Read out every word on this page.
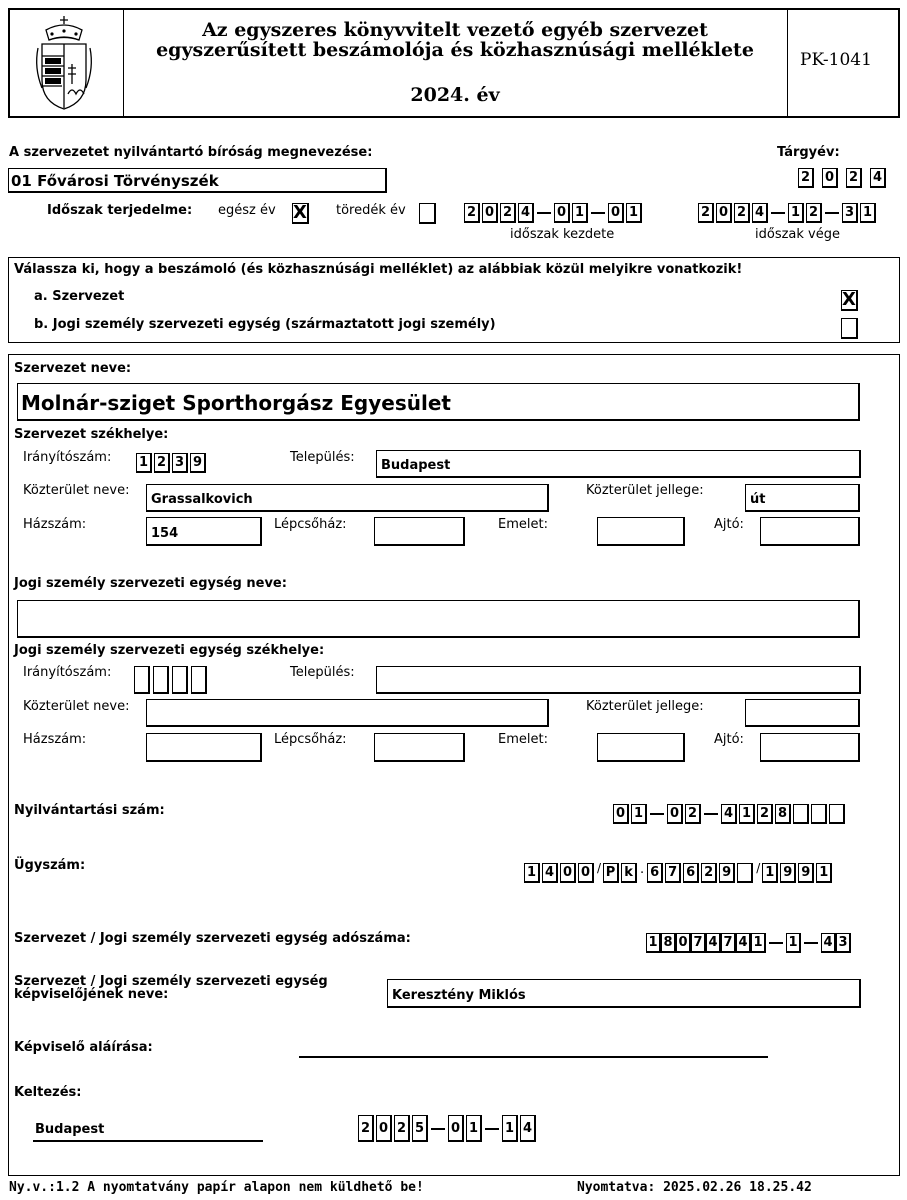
Az egyszeres könyvvitelt vezető egyéb szervezet
egyszerűsített beszámolója és közhasznúsági melléklete
2024. év
PK-1041
A szervezetet nyilvántartó bíróság megnevezése:
01 Fővárosi Törvényszék
Tárgyév:
2	0	2	4
Időszak terjedelme: egész év X töredék év	2 0 2 4	0 1	0 1
időszak kezdete
2 0 2 4	1 2	3 1
időszak vége
Válassza ki, hogy a beszámoló (és közhasznúsági melléklet) az alábbiak közül melyikre vonatkozik!
a. Szervezet	X
b. Jogi személy szervezeti egység (származtatott jogi személy)
Szervezet neve:
Molnár-sziget Sporthorgász Egyesület
Szervezet székhelye:
Irányítószám: 1 2 3 9	Település:
Budapest
Közterület neve:
Grassalkovich
Közterület jellege:
út
Házszám:
154
Lépcsőház:	Emelet:	Ajtó:
Jogi személy szervezeti egység neve:
Jogi személy szervezeti egység székhelye:
Irányítószám:	Település:
Közterület neve:	Közterület jellege:
Házszám:	Lépcsőház:	Emelet:	Ajtó:
Nyilvántartási szám:	0 1	0 2	4 1 2 8
Ügyszám:	1 4 0 0 / P k . 6 7 6 2 9	/ 1 9 9 1
Szervezet / Jogi személy szervezeti egység adószáma:	1 8 0 7 4 7 4 1 1 4 3
Szervezet / Jogi személy szervezeti egység
képviselőjének neve:	Keresztény Miklós
Képviselő aláírása:
Keltezés:
Budapest	2 0 2 5	0 1	1 4
Ny.v.:1.2 A nyomtatvány papír alapon nem küldhető be!	Nyomtatva: 2025.02.26 18.25.42
